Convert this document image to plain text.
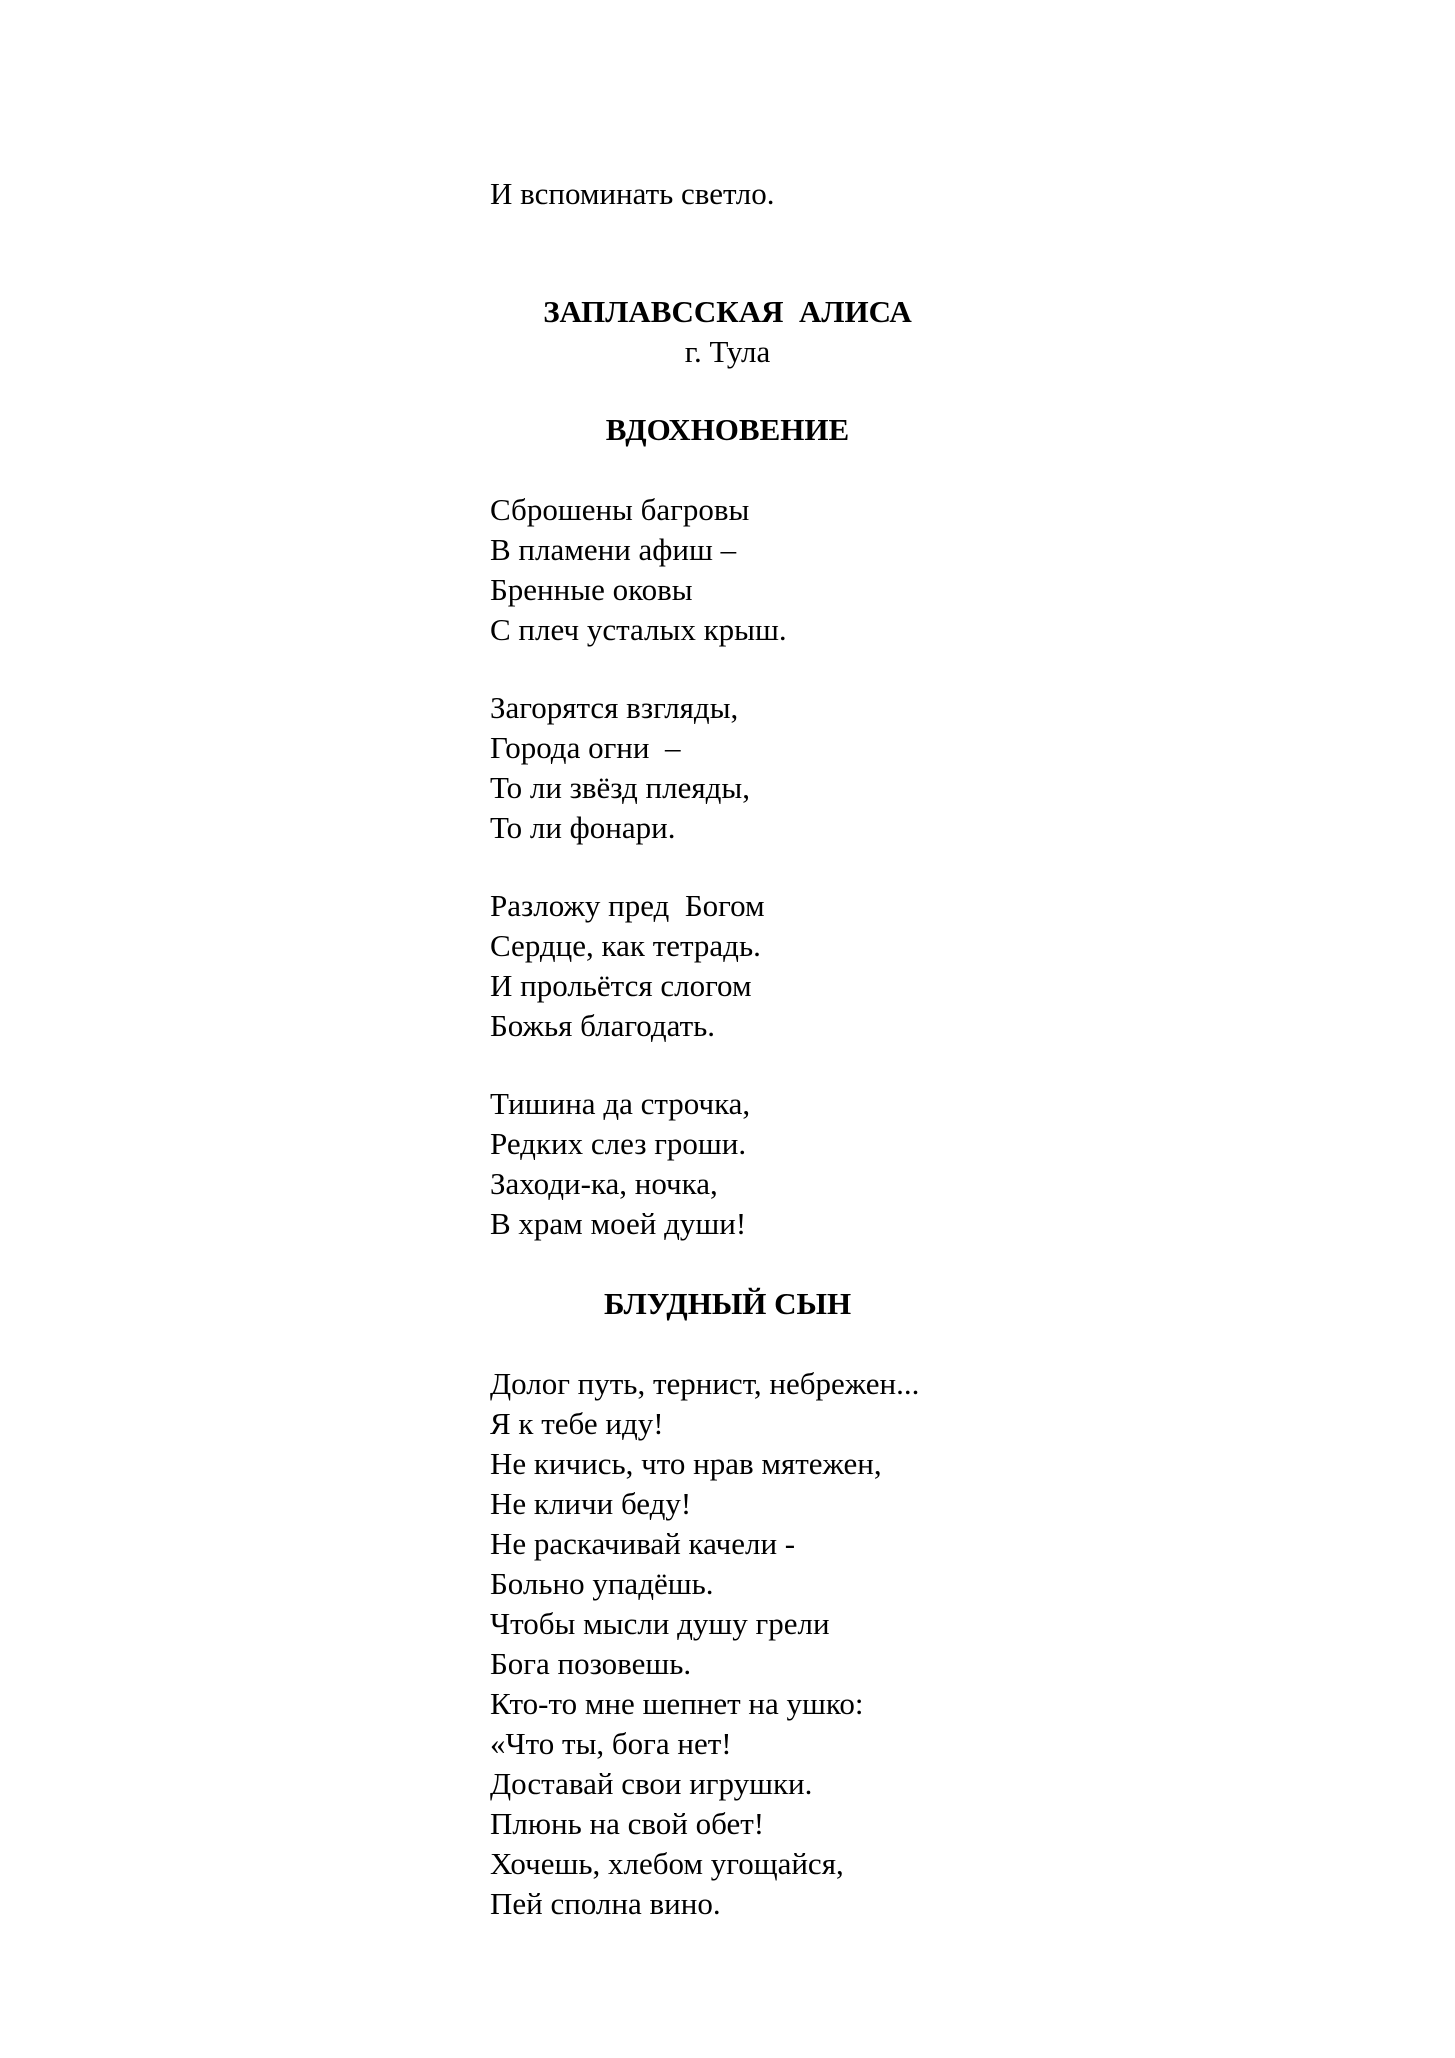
И вспоминать светло.
ЗАПЛАВССКАЯ  АЛИСА
г. Тула
ВДОХНОВЕНИЕ
Сброшены багровы
В пламени афиш –
Бренные оковы
С плеч усталых крыш.
Загорятся взгляды,
Города огни  –
То ли звёзд плеяды,
То ли фонари.
Разложу пред  Богом
Сердце, как тетрадь.
И прольётся слогом
Божья благодать.
Тишина да строчка,
Редких слез гроши.
Заходи-ка, ночка,
В храм моей души!
БЛУДНЫЙ СЫН
Долог путь, тернист, небрежен...
Я к тебе иду!
Не кичись, что нрав мятежен,
Не кличи беду!
Не раскачивай качели -
Больно упадёшь.
Чтобы мысли душу грели
Бога позовешь.
Кто-то мне шепнет на ушко:
«Что ты, бога нет!
Доставай свои игрушки.
Плюнь на свой обет!
Хочешь, хлебом угощайся,
Пей сполна вино.
